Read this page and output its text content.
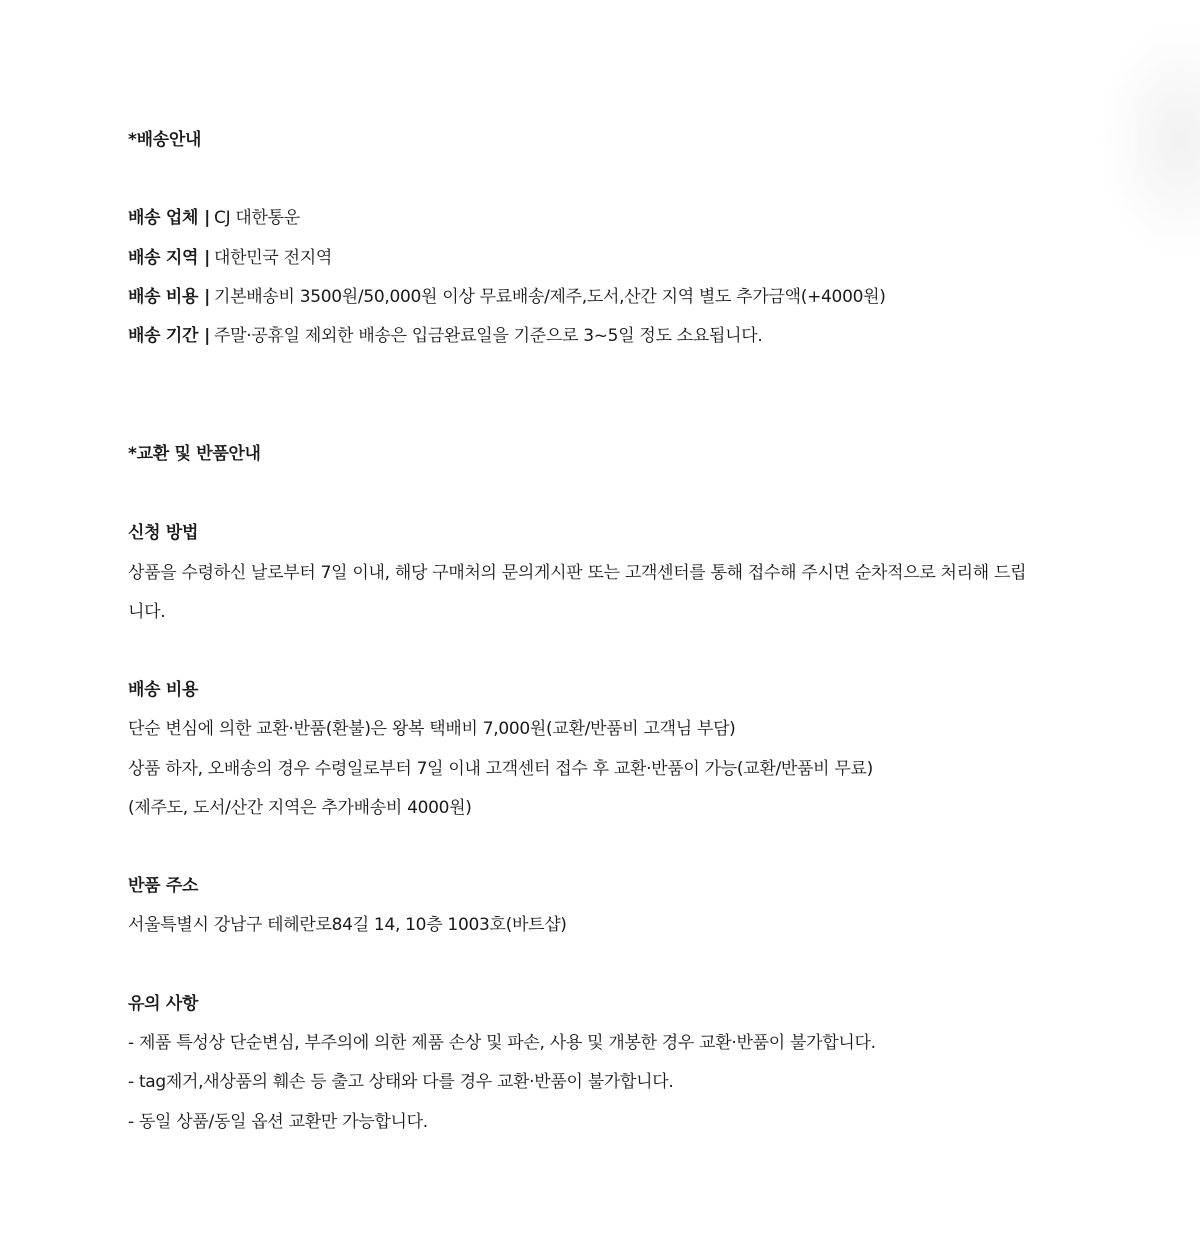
*배송안내
배송 업체 | CJ 대한통운
배송 지역 | 대한민국 전지역
배송 비용 | 기본배송비 3500원/50,000원 이상 무료배송/제주,도서,산간 지역 별도 추가금액(+4000원)
배송 기간 | 주말·공휴일 제외한 배송은 입금완료일을 기준으로 3~5일 정도 소요됩니다.
*교환 및 반품안내
신청 방법
상품을 수령하신 날로부터 7일 이내, 해당 구매처의 문의게시판 또는 고객센터를 통해 접수해 주시면 순차적으로 처리해 드립
니다.
배송 비용
단순 변심에 의한 교환·반품(환불)은 왕복 택배비 7,000원(교환/반품비 고객님 부담)
상품 하자, 오배송의 경우 수령일로부터 7일 이내 고객센터 접수 후 교환·반품이 가능(교환/반품비 무료)
(제주도, 도서/산간 지역은 추가배송비 4000원)
반품 주소
서울특별시 강남구 테헤란로84길 14, 10층 1003호(바트샵)
유의 사항
- 제품 특성상 단순변심, 부주의에 의한 제품 손상 및 파손, 사용 및 개봉한 경우 교환·반품이 불가합니다.
- tag제거,새상품의 훼손 등 출고 상태와 다를 경우 교환·반품이 불가합니다.
- 동일 상품/동일 옵션 교환만 가능합니다.
